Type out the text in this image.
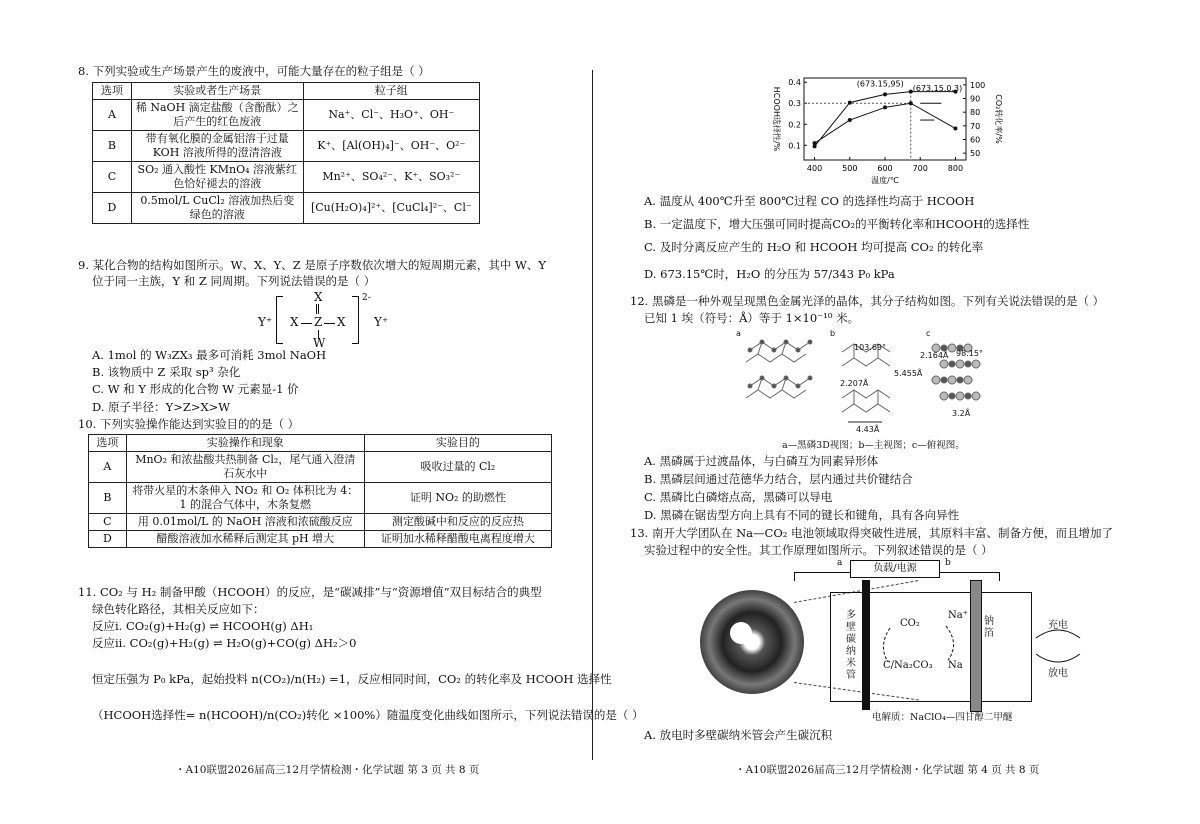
8. 下列实验或生产场景产生的废液中，可能大量存在的粒子组是（ ）
选项	实验或者生产场景	粒子组
A	稀 NaOH 滴定盐酸（含酚酞）之后产生的红色废液	Na⁺、Cl⁻、H₃O⁺、OH⁻
B	带有氧化膜的金属铝溶于过量KOH 溶液所得的澄清溶液	K⁺、[Al(OH)₄]⁻、OH⁻、O²⁻
C	SO₂ 通入酸性 KMnO₄ 溶液紫红色恰好褪去的溶液	Mn²⁺、SO₄²⁻、K⁺、SO₃²⁻
D	0.5mol/L CuCl₂ 溶液加热后变绿色的溶液	[Cu(H₂O)₄]²⁺、[CuCl₄]²⁻、Cl⁻
9. 某化合物的结构如图所示。W、X、Y、Z 是原子序数依次增大的短周期元素，其中 W、Y
位于同一主族，Y 和 Z 同周期。下列说法错误的是（ ）
Y⁺
X
X Z X
W
2-
Y⁺
A. 1mol 的 W₃ZX₃ 最多可消耗 3mol NaOH
B. 该物质中 Z 采取 sp³ 杂化
C. W 和 Y 形成的化合物 W 元素显-1 价
D. 原子半径：Y>Z>X>W
10. 下列实验操作能达到实验目的的是（ ）
选项	实验操作和现象	实验目的
A	MnO₂ 和浓盐酸共热制备 Cl₂，尾气通入澄清石灰水中	吸收过量的 Cl₂
B	将带火星的木条伸入 NO₂ 和 O₂ 体积比为 4：1 的混合气体中，木条复燃	证明 NO₂ 的助燃性
C	用 0.01mol/L 的 NaOH 溶液和浓硫酸反应	测定酸碱中和反应的反应热
D	醋酸溶液加水稀释后测定其 pH 增大	证明加水稀释醋酸电离程度增大
11. CO₂ 与 H₂ 制备甲酸（HCOOH）的反应，是“碳减排”与“资源增值”双目标结合的典型
绿色转化路径，其相关反应如下：
反应i. CO₂(g)+H₂(g) ⇌ HCOOH(g) ΔH₁
反应ii. CO₂(g)+H₂(g) ⇌ H₂O(g)+CO(g) ΔH₂＞0
恒定压强为 P₀ kPa，起始投料 n(CO₂)/n(H₂) =1，反应相同时间，CO₂ 的转化率及 HCOOH 选择性
（HCOOH选择性= n(HCOOH)/n(CO₂)转化 ×100%）随温度变化曲线如图所示，下列说法错误的是（ ）
400 500 600 700 800
0.1
0.2
0.3
0.4
50
60
70
80
90
100
温度/℃
HCOOH选择性/%	CO₂转化率/%
(673.15,95)
(673.15,0.3)
A. 温度从 400℃升至 800℃过程 CO 的选择性均高于 HCOOH
B. 一定温度下，增大压强可同时提高CO₂的平衡转化率和HCOOH的选择性
C. 及时分离反应产生的 H₂O 和 HCOOH 均可提高 CO₂ 的转化率
D. 673.15℃时，H₂O 的分压为 57/343 P₀ kPa
12. 黑磷是一种外观呈现黑色金属光泽的晶体，其分子结构如图。下列有关说法错误的是（ ）
已知 1 埃（符号：Å）等于 1×10⁻¹⁰ 米。
a	b	c
103.69°
2.207Å
5.455Å
4.43Å
2.164Å 98.15°
3.2Å
a—黑磷3D视图；b—主视图；c—俯视图。
A. 黑磷属于过渡晶体，与白磷互为同素异形体
B. 黑磷层间通过范德华力结合，层内通过共价键结合
C. 黑磷比白磷熔点高，黑磷可以导电
D. 黑磷在锯齿型方向上具有不同的键长和键角，具有各向异性
13. 南开大学团队在 Na—CO₂ 电池领域取得突破性进展，其原料丰富、制备方便，而且增加了
实验过程中的安全性。其工作原理如图所示。下列叙述错误的是（ ）
负载/电源
a	b
多壁碳纳米管
钠箔
CO₂
C/Na₂CO₃
Na⁺
Na
充电
放电
电解质：NaClO₄—四甘醇二甲醚
A. 放电时多壁碳纳米管会产生碳沉积
・A10联盟2026届高三12月学情检测・化学试题 第 3 页 共 8 页	・A10联盟2026届高三12月学情检测・化学试题 第 4 页 共 8 页
